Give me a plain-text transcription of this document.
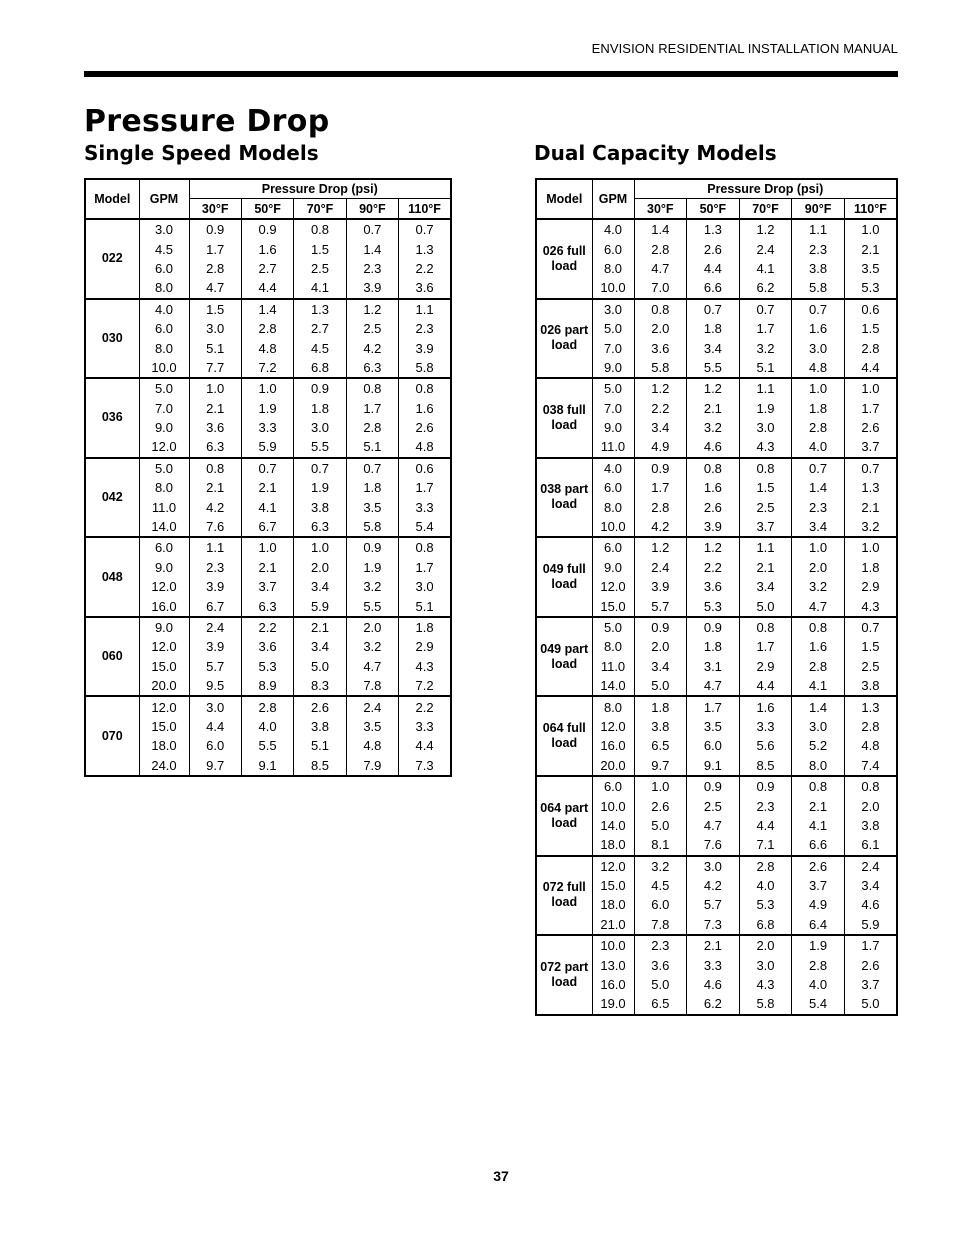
ENVISION RESIDENTIAL INSTALLATION MANUAL
Pressure Drop
Single Speed Models	Dual Capacity Models
Model	GPM	Pressure Drop (psi)				
		30°F	50°F	70°F	90°F	110°F
022	3.0	0.9	0.9	0.8	0.7	0.7
	4.5	1.7	1.6	1.5	1.4	1.3
	6.0	2.8	2.7	2.5	2.3	2.2
	8.0	4.7	4.4	4.1	3.9	3.6
030	4.0	1.5	1.4	1.3	1.2	1.1
	6.0	3.0	2.8	2.7	2.5	2.3
	8.0	5.1	4.8	4.5	4.2	3.9
	10.0	7.7	7.2	6.8	6.3	5.8
036	5.0	1.0	1.0	0.9	0.8	0.8
	7.0	2.1	1.9	1.8	1.7	1.6
	9.0	3.6	3.3	3.0	2.8	2.6
	12.0	6.3	5.9	5.5	5.1	4.8
042	5.0	0.8	0.7	0.7	0.7	0.6
	8.0	2.1	2.1	1.9	1.8	1.7
	11.0	4.2	4.1	3.8	3.5	3.3
	14.0	7.6	6.7	6.3	5.8	5.4
048	6.0	1.1	1.0	1.0	0.9	0.8
	9.0	2.3	2.1	2.0	1.9	1.7
	12.0	3.9	3.7	3.4	3.2	3.0
	16.0	6.7	6.3	5.9	5.5	5.1
060	9.0	2.4	2.2	2.1	2.0	1.8
	12.0	3.9	3.6	3.4	3.2	2.9
	15.0	5.7	5.3	5.0	4.7	4.3
	20.0	9.5	8.9	8.3	7.8	7.2
070	12.0	3.0	2.8	2.6	2.4	2.2
	15.0	4.4	4.0	3.8	3.5	3.3
	18.0	6.0	5.5	5.1	4.8	4.4
	24.0	9.7	9.1	8.5	7.9	7.3
Model	GPM	Pressure Drop (psi)				
		30°F	50°F	70°F	90°F	110°F

026 full
load	4.0	1.4	1.3	1.2	1.1	1.0
	6.0	2.8	2.6	2.4	2.3	2.1
	8.0	4.7	4.4	4.1	3.8	3.5
	10.0	7.0	6.6	6.2	5.8	5.3

026 part
load	3.0	0.8	0.7	0.7	0.7	0.6
	5.0	2.0	1.8	1.7	1.6	1.5
	7.0	3.6	3.4	3.2	3.0	2.8
	9.0	5.8	5.5	5.1	4.8	4.4

038 full
load	5.0	1.2	1.2	1.1	1.0	1.0
	7.0	2.2	2.1	1.9	1.8	1.7
	9.0	3.4	3.2	3.0	2.8	2.6
	11.0	4.9	4.6	4.3	4.0	3.7

038 part
load	4.0	0.9	0.8	0.8	0.7	0.7
	6.0	1.7	1.6	1.5	1.4	1.3
	8.0	2.8	2.6	2.5	2.3	2.1
	10.0	4.2	3.9	3.7	3.4	3.2

049 full
load	6.0	1.2	1.2	1.1	1.0	1.0
	9.0	2.4	2.2	2.1	2.0	1.8
	12.0	3.9	3.6	3.4	3.2	2.9
	15.0	5.7	5.3	5.0	4.7	4.3

049 part
load	5.0	0.9	0.9	0.8	0.8	0.7
	8.0	2.0	1.8	1.7	1.6	1.5
	11.0	3.4	3.1	2.9	2.8	2.5
	14.0	5.0	4.7	4.4	4.1	3.8

064 full
load	8.0	1.8	1.7	1.6	1.4	1.3
	12.0	3.8	3.5	3.3	3.0	2.8
	16.0	6.5	6.0	5.6	5.2	4.8
	20.0	9.7	9.1	8.5	8.0	7.4

064 part
load	6.0	1.0	0.9	0.9	0.8	0.8
	10.0	2.6	2.5	2.3	2.1	2.0
	14.0	5.0	4.7	4.4	4.1	3.8
	18.0	8.1	7.6	7.1	6.6	6.1

072 full
load	12.0	3.2	3.0	2.8	2.6	2.4
	15.0	4.5	4.2	4.0	3.7	3.4
	18.0	6.0	5.7	5.3	4.9	4.6
	21.0	7.8	7.3	6.8	6.4	5.9

072 part
load	10.0	2.3	2.1	2.0	1.9	1.7
	13.0	3.6	3.3	3.0	2.8	2.6
	16.0	5.0	4.6	4.3	4.0	3.7
	19.0	6.5	6.2	5.8	5.4	5.0
37
